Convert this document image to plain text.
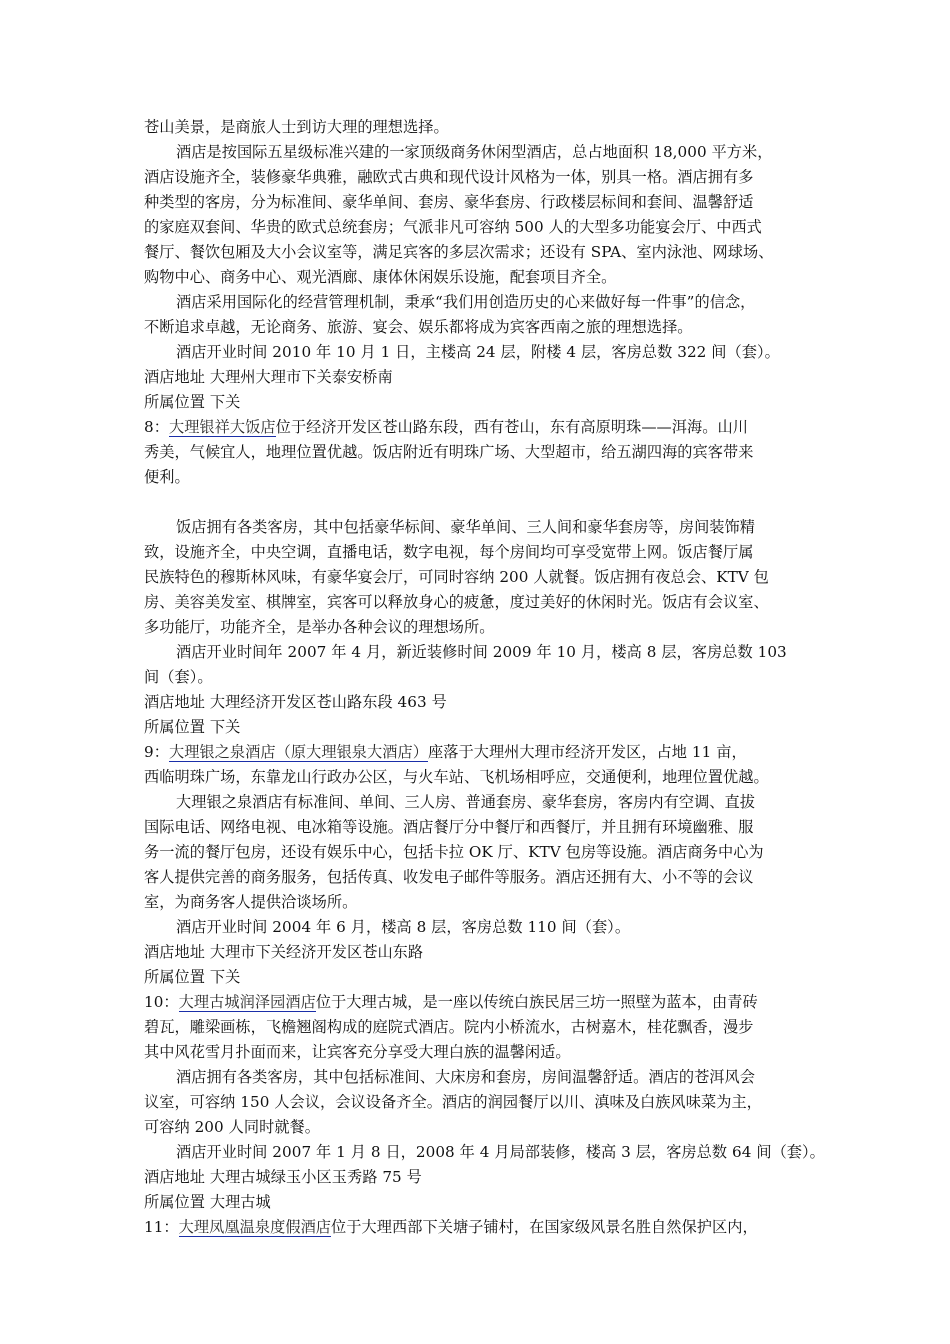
苍山美景，是商旅人士到访大理的理想选择。
酒店是按国际五星级标准兴建的一家顶级商务休闲型酒店，总占地面积 18,000 平方米，
酒店设施齐全，装修豪华典雅，融欧式古典和现代设计风格为一体，别具一格。酒店拥有多
种类型的客房，分为标准间、豪华单间、套房、豪华套房、行政楼层标间和套间、温馨舒适
的家庭双套间、华贵的欧式总统套房；气派非凡可容纳 500 人的大型多功能宴会厅、中西式
餐厅、餐饮包厢及大小会议室等，满足宾客的多层次需求；还设有 SPA、室内泳池、网球场、
购物中心、商务中心、观光酒廊、康体休闲娱乐设施，配套项目齐全。
酒店采用国际化的经营管理机制，秉承“我们用创造历史的心来做好每一件事”的信念，
不断追求卓越，无论商务、旅游、宴会、娱乐都将成为宾客西南之旅的理想选择。
酒店开业时间 2010 年 10 月 1 日，主楼高 24 层，附楼 4 层，客房总数 322 间（套）。
酒店地址 大理州大理市下关泰安桥南
所属位置 下关
8：大理银祥大饭店位于经济开发区苍山路东段，西有苍山，东有高原明珠——洱海。山川
秀美，气候宜人，地理位置优越。饭店附近有明珠广场、大型超市，给五湖四海的宾客带来
便利。
饭店拥有各类客房，其中包括豪华标间、豪华单间、三人间和豪华套房等，房间装饰精
致，设施齐全，中央空调，直播电话，数字电视，每个房间均可享受宽带上网。饭店餐厅属
民族特色的穆斯林风味，有豪华宴会厅，可同时容纳 200 人就餐。饭店拥有夜总会、KTV 包
房、美容美发室、棋牌室，宾客可以释放身心的疲惫，度过美好的休闲时光。饭店有会议室、
多功能厅，功能齐全，是举办各种会议的理想场所。
酒店开业时间年 2007 年 4 月，新近装修时间 2009 年 10 月，楼高 8 层，客房总数 103
间（套）。
酒店地址 大理经济开发区苍山路东段 463 号
所属位置 下关
9：大理银之泉酒店（原大理银泉大酒店）座落于大理州大理市经济开发区，占地 11 亩，
西临明珠广场，东靠龙山行政办公区，与火车站、飞机场相呼应，交通便利，地理位置优越。
大理银之泉酒店有标准间、单间、三人房、普通套房、豪华套房，客房内有空调、直拔
国际电话、网络电视、电冰箱等设施。酒店餐厅分中餐厅和西餐厅，并且拥有环境幽雅、服
务一流的餐厅包房，还设有娱乐中心，包括卡拉 OK 厅、KTV 包房等设施。酒店商务中心为
客人提供完善的商务服务，包括传真、收发电子邮件等服务。酒店还拥有大、小不等的会议
室，为商务客人提供洽谈场所。
酒店开业时间 2004 年 6 月，楼高 8 层，客房总数 110 间（套）。
酒店地址 大理市下关经济开发区苍山东路
所属位置 下关
10：大理古城润泽园酒店位于大理古城，是一座以传统白族民居三坊一照壁为蓝本，由青砖
碧瓦，雕梁画栋，飞檐翘阁构成的庭院式酒店。院内小桥流水，古树嘉木，桂花飘香，漫步
其中风花雪月扑面而来，让宾客充分享受大理白族的温馨闲适。
酒店拥有各类客房，其中包括标准间、大床房和套房，房间温馨舒适。酒店的苍洱风会
议室，可容纳 150 人会议，会议设备齐全。酒店的润园餐厅以川、滇味及白族风味菜为主，
可容纳 200 人同时就餐。
酒店开业时间 2007 年 1 月 8 日，2008 年 4 月局部装修，楼高 3 层，客房总数 64 间（套）。
酒店地址 大理古城绿玉小区玉秀路 75 号
所属位置 大理古城
11：大理凤凰温泉度假酒店位于大理西部下关塘子铺村，在国家级风景名胜自然保护区内，
